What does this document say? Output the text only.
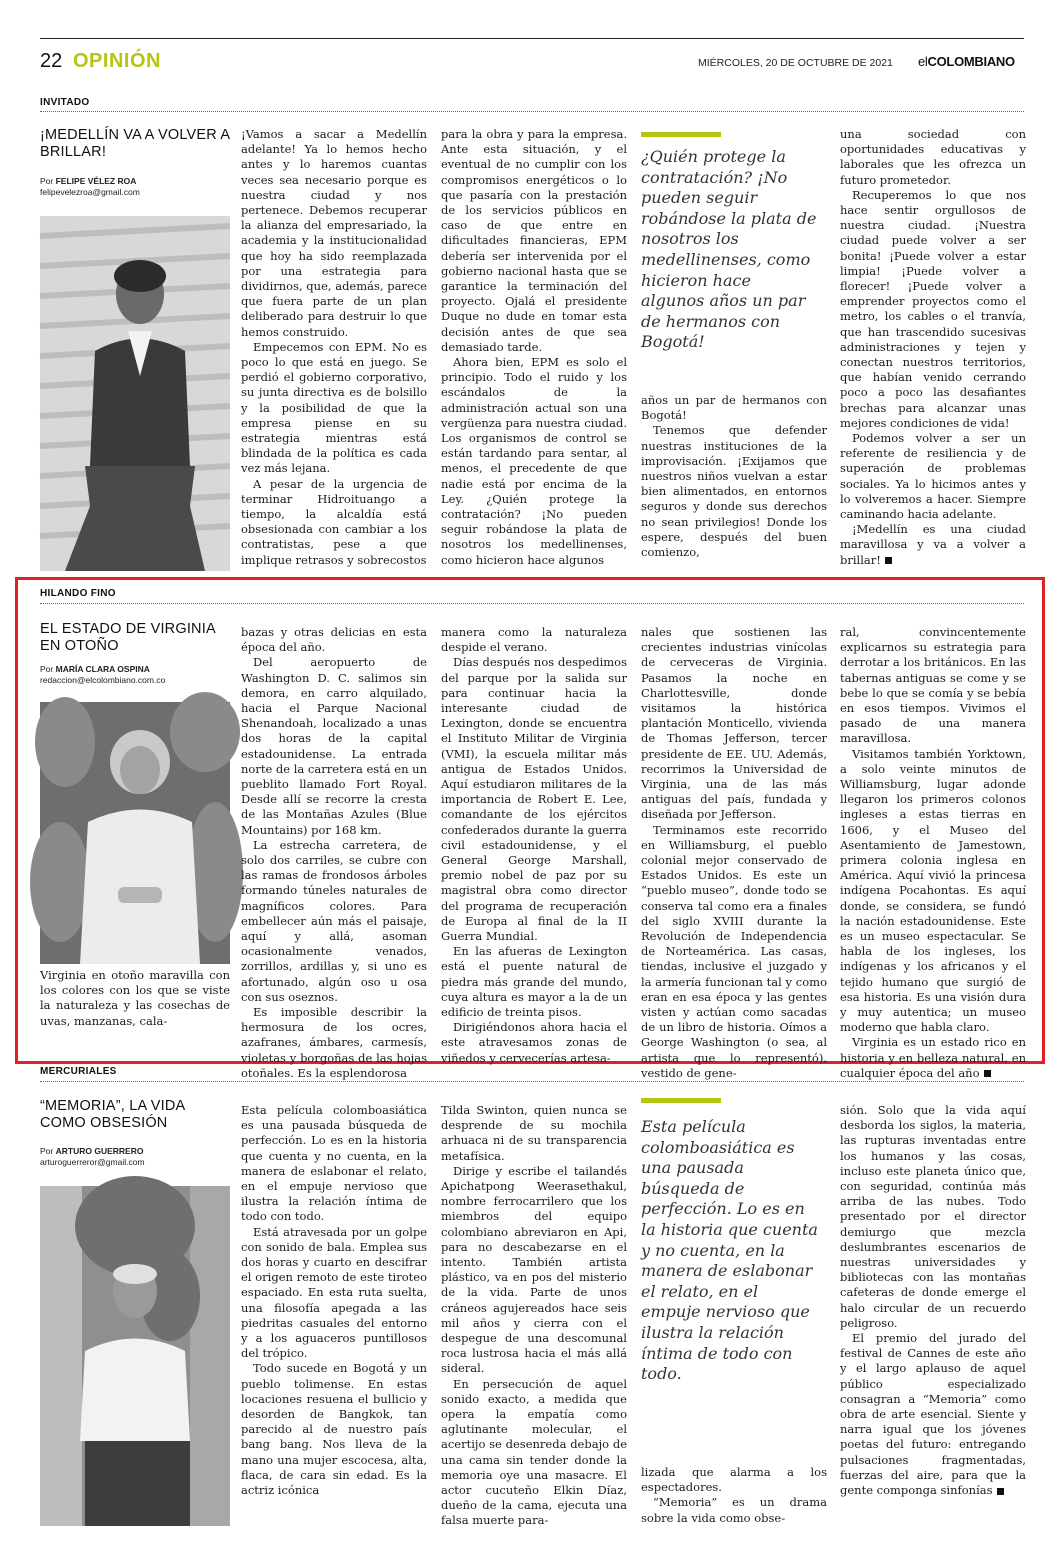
22 OPINIÓN	MIÉRCOLES, 20 DE OCTUBRE DE 2021 elCOLOMBIANO
INVITADO
¡MEDELLÍN VA A VOLVER A BRILLAR!
Por FELIPE VÉLEZ ROA
felipevelezroa@gmail.com

¡Vamos a sacar a Medellín adelante! Ya lo hemos hecho antes y lo haremos cuantas veces sea necesario porque es nuestra ciudad y nos pertenece. Debemos recuperar la alianza del empresariado, la academia y la institucionalidad que hoy ha sido reemplazada por una estrategia para dividirnos, que, además, parece que fuera parte de un plan deliberado para destruir lo que hemos construido.

Empecemos con EPM. No es poco lo que está en juego. Se perdió el gobierno corporativo, su junta directiva es de bolsillo y la posibilidad de que la empresa piense en su estrategia mientras está blindada de la política es cada vez más lejana.

A pesar de la urgencia de terminar Hidroituango a tiempo, la alcaldía está obsesionada con cambiar a los contratistas, pese a que implique retrasos y sobrecostos

para la obra y para la empresa. Ante esta situación, y el eventual de no cumplir con los compromisos energéticos o lo que pasaría con la prestación de los servicios públicos en caso de que entre en dificultades financieras, EPM debería ser intervenida por el gobierno nacional hasta que se garantice la terminación del proyecto. Ojalá el presidente Duque no dude en tomar esta decisión antes de que sea demasiado tarde.

Ahora bien, EPM es solo el principio. Todo el ruido y los escándalos de la administración actual son una vergüenza para nuestra ciudad. Los organismos de control se están tardando para sentar, al menos, el precedente de que nadie está por encima de la Ley. ¿Quién protege la contratación? ¡No pueden seguir robándose la plata de nosotros los medellinenses, como hicieron hace algunos

¿Quién protege la contratación? ¡No pueden seguir robándose la plata de nosotros los medellinenses, como hicieron hace algunos años un par de hermanos con Bogotá!

años un par de hermanos con Bogotá!

Tenemos que defender nuestras instituciones de la improvisación. ¡Exijamos que nuestros niños vuelvan a estar bien alimentados, en entornos seguros y donde sus derechos no sean privilegios! Donde los espere, después del buen comienzo,

una sociedad con oportunidades educativas y laborales que les ofrezca un futuro prometedor.

Recuperemos lo que nos hace sentir orgullosos de nuestra ciudad. ¡Nuestra ciudad puede volver a ser bonita! ¡Puede volver a estar limpia! ¡Puede volver a florecer! ¡Puede volver a emprender proyectos como el metro, los cables o el tranvía, que han trascendido sucesivas administraciones y tejen y conectan nuestros territorios, que habían venido cerrando poco a poco las desafiantes brechas para alcanzar unas mejores condiciones de vida!

Podemos volver a ser un referente de resiliencia y de superación de problemas sociales. Ya lo hicimos antes y lo volveremos a hacer. Siempre caminando hacia adelante.

¡Medellín es una ciudad maravillosa y va a volver a brillar!

HILANDO FINO
EL ESTADO DE VIRGINIA EN OTOÑO
Por MARÍA CLARA OSPINA
redaccion@elcolombiano.com.co
Virginia en otoño maravilla con los colores con los que se viste la naturaleza y las cosechas de uvas, manzanas, cala-

bazas y otras delicias en esta época del año.

Del aeropuerto de Washington D. C. salimos sin demora, en carro alquilado, hacia el Parque Nacional Shenandoah, localizado a unas dos horas de la capital estadounidense. La entrada norte de la carretera está en un pueblito llamado Fort Royal. Desde allí se recorre la cresta de las Montañas Azules (Blue Mountains) por 168 km.

La estrecha carretera, de solo dos carriles, se cubre con las ramas de frondosos árboles formando túneles naturales de magníficos colores. Para embellecer aún más el paisaje, aquí y allá, asoman ocasionalmente venados, zorrillos, ardillas y, si uno es afortunado, algún oso u osa con sus oseznos.

Es imposible describir la hermosura de los ocres, azafranes, ámbares, carmesís, violetas y borgoñas de las hojas otoñales. Es la esplendorosa

manera como la naturaleza despide el verano.

Días después nos despedimos del parque por la salida sur para continuar hacia la interesante ciudad de Lexington, donde se encuentra el Instituto Militar de Virginia (VMI), la escuela militar más antigua de Estados Unidos. Aquí estudiaron militares de la importancia de Robert E. Lee, comandante de los ejércitos confederados durante la guerra civil estadounidense, y el General George Marshall, premio nobel de paz por su magistral obra como director del programa de recuperación de Europa al final de la II Guerra Mundial.

En las afueras de Lexington está el puente natural de piedra más grande del mundo, cuya altura es mayor a la de un edificio de treinta pisos.

Dirigiéndonos ahora hacia el este atravesamos zonas de viñedos y cervecerías artesa-

nales que sostienen las crecientes industrias vinícolas de cerveceras de Virginia. Pasamos la noche en Charlottesville, donde visitamos la histórica plantación Monticello, vivienda de Thomas Jefferson, tercer presidente de EE. UU. Además, recorrimos la Universidad de Virginia, una de las más antiguas del país, fundada y diseñada por Jefferson.

Terminamos este recorrido en Williamsburg, el pueblo colonial mejor conservado de Estados Unidos. Es este un “pueblo museo”, donde todo se conserva tal como era a finales del siglo XVIII durante la Revolución de Independencia de Norteamérica. Las casas, tiendas, inclusive el juzgado y la armería funcionan tal y como eran en esa época y las gentes visten y actúan como sacadas de un libro de historia. Oímos a George Washington (o sea, al artista que lo representó), vestido de gene-

ral, convincentemente explicarnos su estrategia para derrotar a los británicos. En las tabernas antiguas se come y se bebe lo que se comía y se bebía en esos tiempos. Vivimos el pasado de una manera maravillosa.

Visitamos también Yorktown, a solo veinte minutos de Williamsburg, lugar adonde llegaron los primeros colonos ingleses a estas tierras en 1606, y el Museo del Asentamiento de Jamestown, primera colonia inglesa en América. Aquí vivió la princesa indígena Pocahontas. Es aquí donde, se considera, se fundó la nación estadounidense. Este es un museo espectacular. Se habla de los ingleses, los indígenas y los africanos y el tejido humano que surgió de esa historia. Es una visión dura y muy autentica; un museo moderno que habla claro.

Virginia es un estado rico en historia y en belleza natural, en cualquier época del año

MERCURIALES
“MEMORIA”, LA VIDA COMO OBSESIÓN
Por ARTURO GUERRERO
arturoguerreror@gmail.com

Esta película colomboasiática es una pausada búsqueda de perfección. Lo es en la historia que cuenta y no cuenta, en la manera de eslabonar el relato, en el empuje nervioso que ilustra la relación íntima de todo con todo.

Está atravesada por un golpe con sonido de bala. Emplea sus dos horas y cuarto en descifrar el origen remoto de este tiroteo espaciado. En esta ruta suelta, una filosofía apegada a las piedritas casuales del entorno y a los aguaceros puntillosos del trópico.

Todo sucede en Bogotá y un pueblo tolimense. En estas locaciones resuena el bullicio y desorden de Bangkok, tan parecido al de nuestro país bang bang. Nos lleva de la mano una mujer escocesa, alta, flaca, de cara sin edad. Es la actriz icónica

Tilda Swinton, quien nunca se desprende de su mochila arhuaca ni de su transparencia metafísica.

Dirige y escribe el tailandés Apichatpong Weerasethakul, nombre ferrocarrilero que los miembros del equipo colombiano abreviaron en Api, para no descabezarse en el intento. También artista plástico, va en pos del misterio de la vida. Parte de unos cráneos agujereados hace seis mil años y cierra con el despegue de una descomunal roca lustrosa hacia el más allá sideral.

En persecución de aquel sonido exacto, a medida que opera la empatía como aglutinante molecular, el acertijo se desenreda debajo de una cama sin tender donde la memoria oye una masacre. El actor cucuteño Elkin Díaz, dueño de la cama, ejecuta una falsa muerte para-

Esta película colomboasiática es una pausada búsqueda de perfección. Lo es en la historia que cuenta y no cuenta, en la manera de eslabonar el relato, en el empuje nervioso que ilustra la relación íntima de todo con todo.

lizada que alarma a los espectadores.

“Memoria” es un drama sobre la vida como obse-

sión. Solo que la vida aquí desborda los siglos, la materia, las rupturas inventadas entre los humanos y las cosas, incluso este planeta único que, con seguridad, continúa más arriba de las nubes. Todo presentado por el director demiurgo que mezcla deslumbrantes escenarios de nuestras universidades y bibliotecas con las montañas cafeteras de donde emerge el halo circular de un recuerdo peligroso.

El premio del jurado del festival de Cannes de este año y el largo aplauso de aquel público especializado consagran a “Memoria” como obra de arte esencial. Siente y narra igual que los jóvenes poetas del futuro: entregando pulsaciones fragmentadas, fuerzas del aire, para que la gente componga sinfonías
